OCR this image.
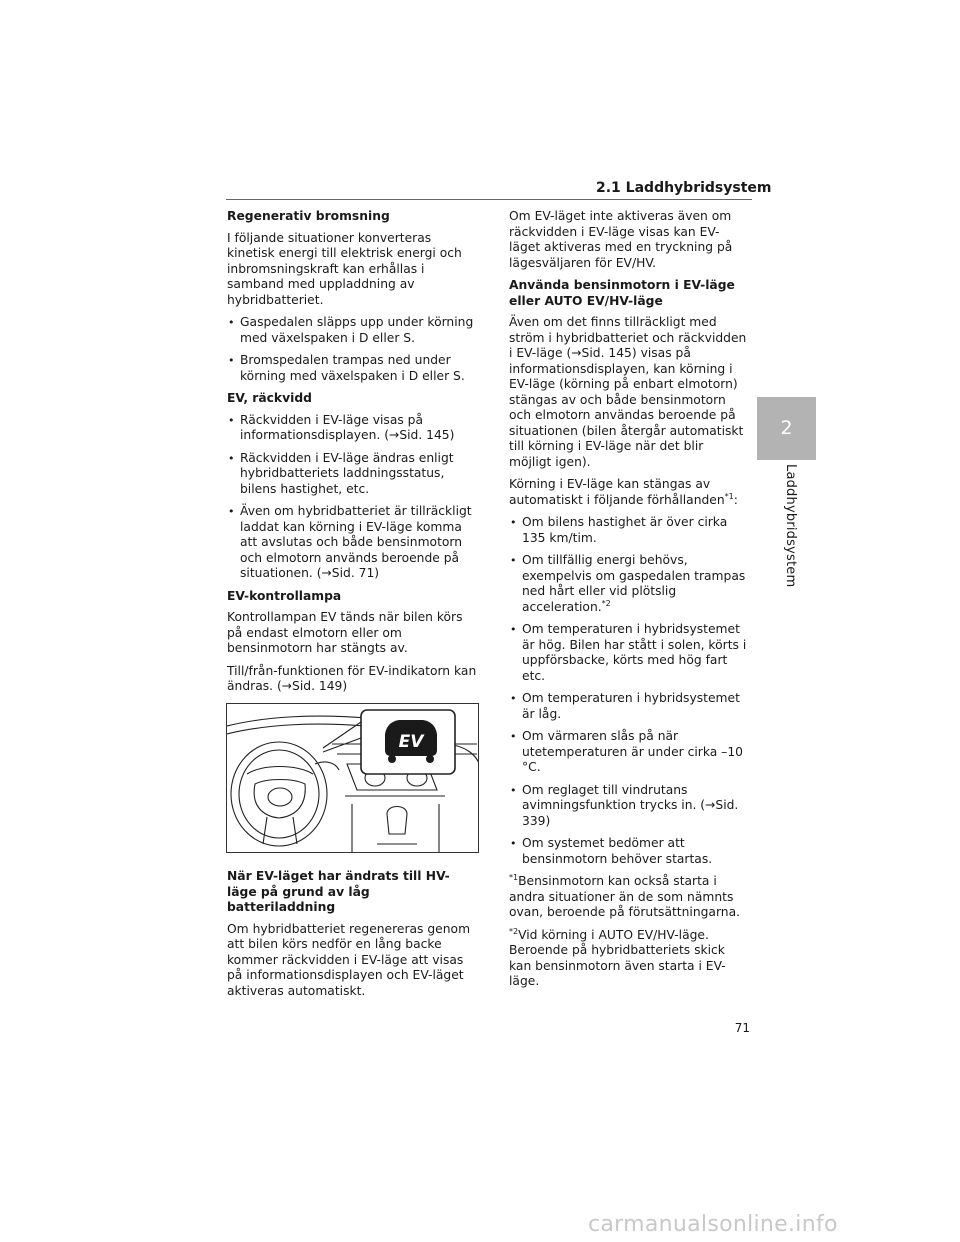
2.1 Laddhybridsystem
2
Laddhybridsystem
Regenerativ bromsning

I följande situationer konverteras kinetisk energi till elektrisk energi och inbromsningskraft kan erhållas i samband med uppladdning av hybridbatteriet.

• Gaspedalen släpps upp under körning med växelspaken i D eller S.
• Bromspedalen trampas ned under körning med växelspaken i D eller S.
EV, räckvidd
• Räckvidden i EV-läge visas på informationsdisplayen. (→Sid. 145)
• Räckvidden i EV-läge ändras enligt hybridbatteriets laddningsstatus, bilens hastighet, etc.
• Även om hybridbatteriet är tillräckligt laddat kan körning i EV-läge komma att avslutas och både bensinmotorn och elmotorn används beroende på situationen. (→Sid. 71)
EV-kontrollampa

Kontrollampan EV tänds när bilen körs på endast elmotorn eller om bensinmotorn har stängts av.

Till/från-funktionen för EV-indikatorn kan ändras. (→Sid. 149)

EV
När EV-läget har ändrats till HV-läge på grund av låg batteriladdning

Om hybridbatteriet regenereras genom att bilen körs nedför en lång backe kommer räckvidden i EV-läge att visas på informationsdisplayen och EV-läget aktiveras automatiskt.

Om EV-läget inte aktiveras även om räckvidden i EV-läge visas kan EV-läget aktiveras med en tryckning på lägesväljaren för EV/HV.

Använda bensinmotorn i EV-läge eller AUTO EV/HV-läge

Även om det finns tillräckligt med ström i hybridbatteriet och räckvidden i EV-läge (→Sid. 145) visas på informationsdisplayen, kan körning i EV-läge (körning på enbart elmotorn) stängas av och både bensinmotorn och elmotorn användas beroende på situationen (bilen återgår automatiskt till körning i EV-läge när det blir möjligt igen).

Körning i EV-läge kan stängas av automatiskt i följande förhållanden$^{*1}$:

• Om bilens hastighet är över cirka 135 km/tim.
• Om tillfällig energi behövs, exempelvis om gaspedalen trampas ned hårt eller vid plötslig acceleration.$^{*2}$
• Om temperaturen i hybridsystemet är hög. Bilen har stått i solen, körts i uppförsbacke, körts med hög fart etc.
• Om temperaturen i hybridsystemet är låg.
• Om värmaren slås på när utetemperaturen är under cirka –10 °C.
• Om reglaget till vindrutans avimningsfunktion trycks in. (→Sid. 339)
• Om systemet bedömer att bensinmotorn behöver startas.

$^{*1}$Bensinmotorn kan också starta i andra situationer än de som nämnts ovan, beroende på förutsättningarna.

$^{*2}$Vid körning i AUTO EV/HV-läge. Beroende på hybridbatteriets skick kan bensinmotorn även starta i EV-läge.

71
carmanualsonline.info
